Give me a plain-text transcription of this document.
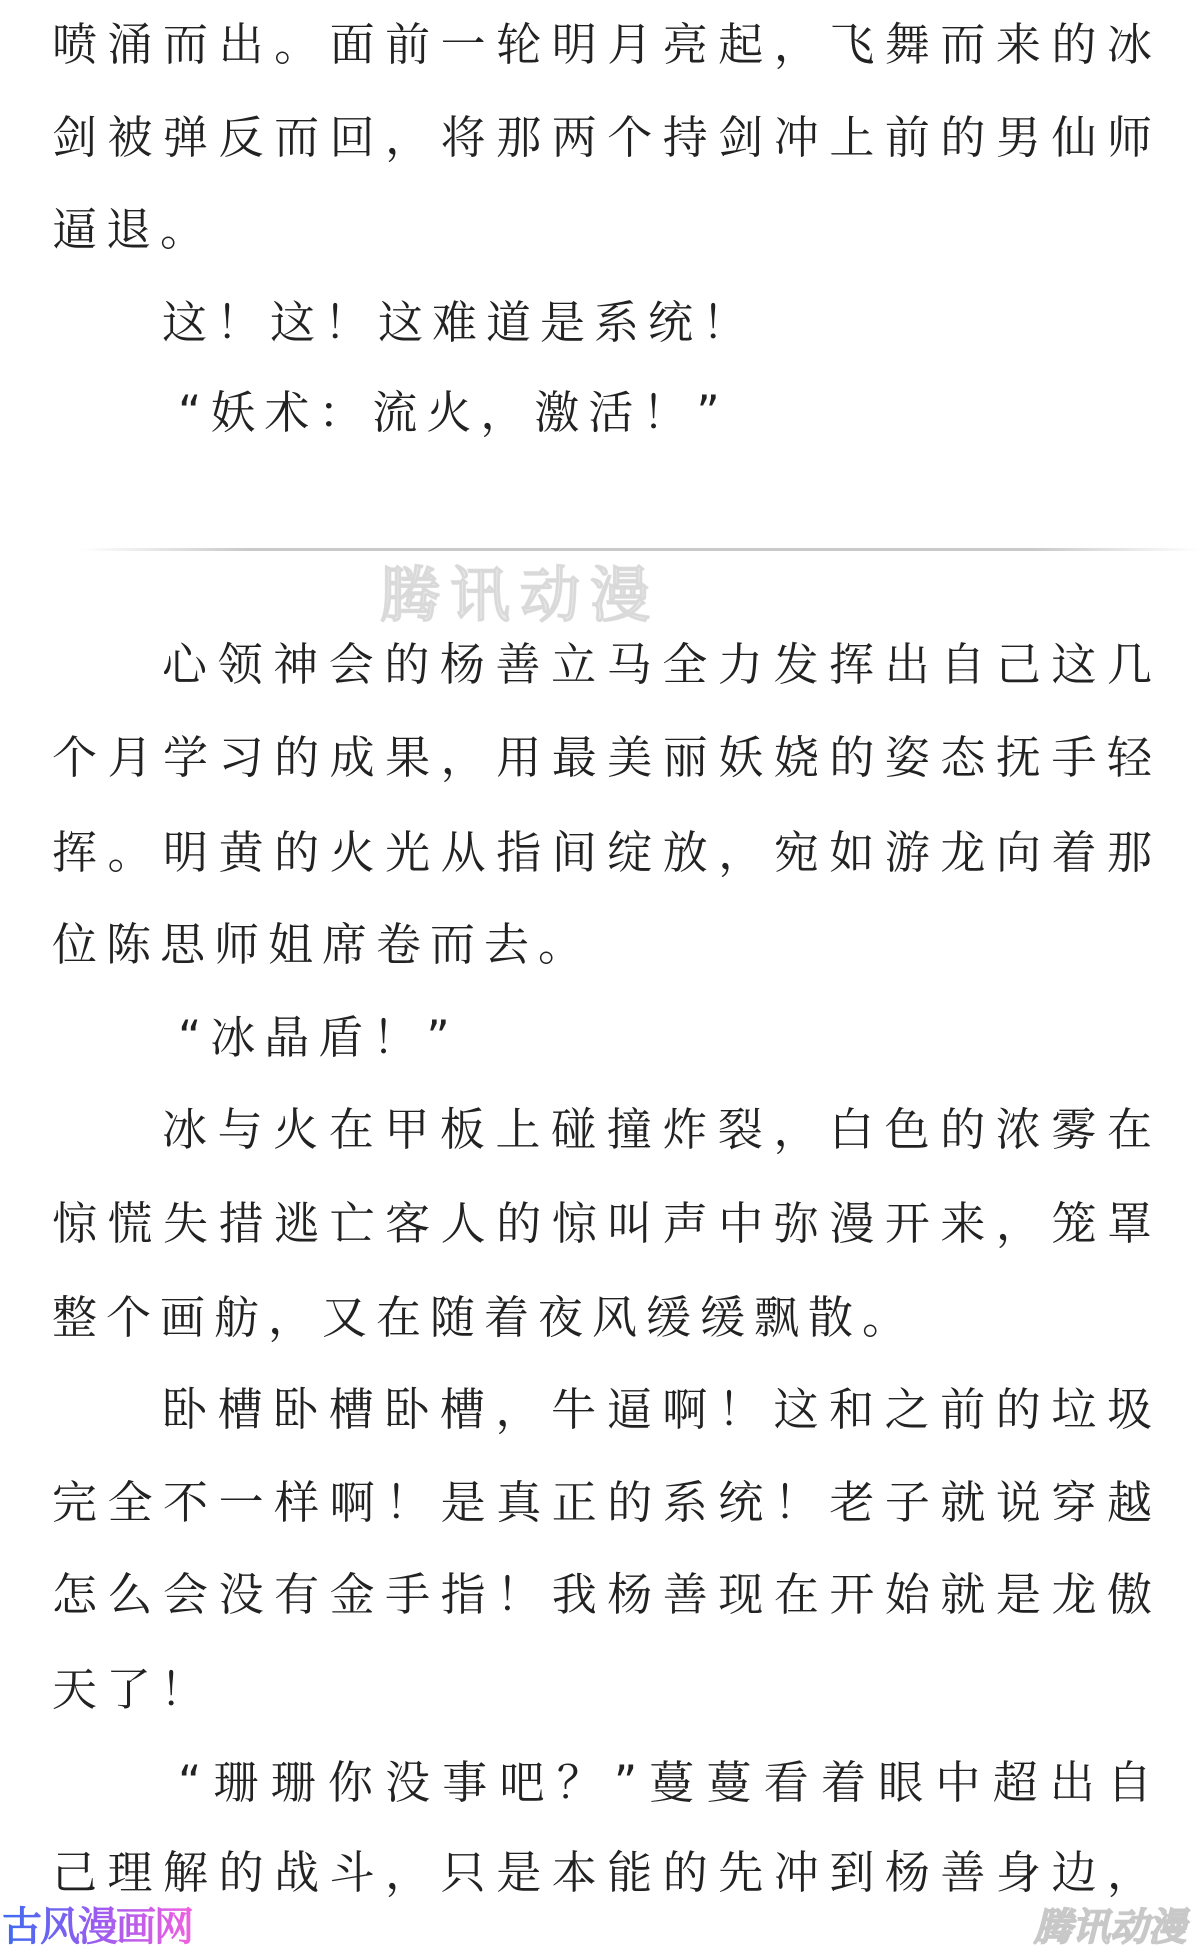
喷涌而出。面前一轮明月亮起，飞舞而来的冰

剑被弹反而回，将那两个持剑冲上前的男仙师

逼退。

这！这！这难道是系统！

“妖术：流火，激活！”

腾讯动漫

心领神会的杨善立马全力发挥出自己这几

个月学习的成果，用最美丽妖娆的姿态抚手轻

挥。明黄的火光从指间绽放，宛如游龙向着那

位陈思师姐席卷而去。

“冰晶盾！”

冰与火在甲板上碰撞炸裂，白色的浓雾在

惊慌失措逃亡客人的惊叫声中弥漫开来，笼罩

整个画舫，又在随着夜风缓缓飘散。

卧槽卧槽卧槽，牛逼啊！这和之前的垃圾

完全不一样啊！是真正的系统！老子就说穿越

怎么会没有金手指！我杨善现在开始就是龙傲

天了！

“珊珊你没事吧？”蔓蔓看着眼中超出自

己理解的战斗，只是本能的先冲到杨善身边，

古风漫画网	腾讯动漫
